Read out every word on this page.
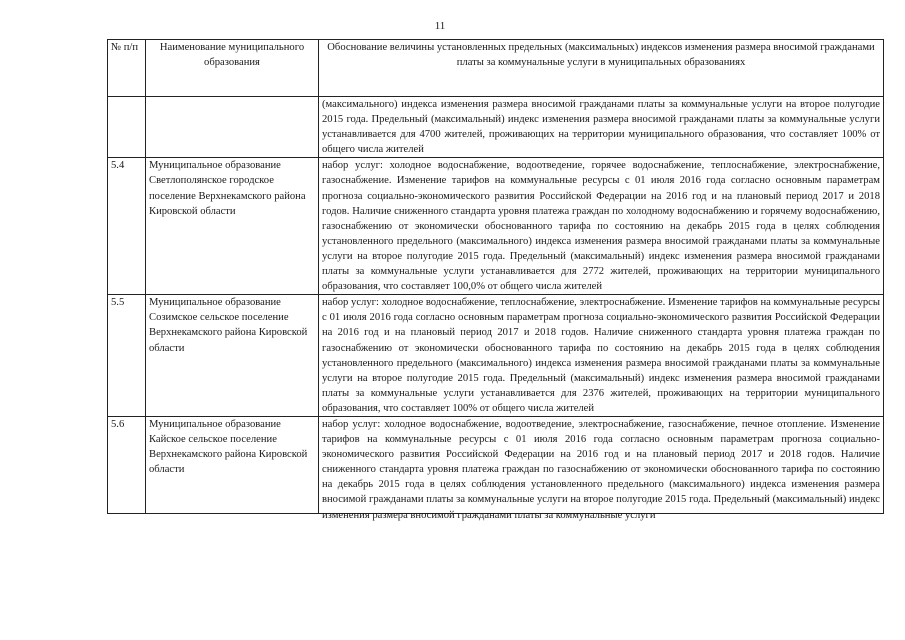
11
№ п/п	Наименование муниципального образования	Обоснование величины установленных предельных (максимальных) индексов изменения размера вносимой гражданами платы за коммунальные услуги в муниципальных образованиях
		(максимального) индекса изменения размера вносимой гражданами платы за коммунальные услуги на второе полугодие 2015 года. Предельный (максимальный) индекс изменения размера вносимой гражданами платы за коммунальные услуги устанавливается для 4700 жителей, проживающих на территории муниципального образования, что составляет 100% от общего числа жителей
5.4	Муниципальное образование Светлополянское городское поселение Верхнекамского района Кировской области	набор услуг: холодное водоснабжение, водоотведение, горячее водоснабжение, теплоснабжение, электроснабжение, газоснабжение. Изменение тарифов на коммунальные ресурсы с 01 июля 2016 года согласно основным параметрам прогноза социально-экономического развития Российской Федерации на 2016 год и на плановый период 2017 и 2018 годов. Наличие сниженного стандарта уровня платежа граждан по холодному водоснабжению и горячему водоснабжению, газоснабжению от экономически обоснованного тарифа по состоянию на декабрь 2015 года в целях соблюдения установленного предельного (максимального) индекса изменения размера вносимой гражданами платы за коммунальные услуги на второе полугодие 2015 года. Предельный (максимальный) индекс изменения размера вносимой гражданами платы за коммунальные услуги устанавливается для 2772 жителей, проживающих на территории муниципального образования, что составляет 100,0% от общего числа жителей
5.5	Муниципальное образование Созимское сельское поселение Верхнекамского района Кировской области	набор услуг: холодное водоснабжение, теплоснабжение, электроснабжение. Изменение тарифов на коммунальные ресурсы с 01 июля 2016 года согласно основным параметрам прогноза социально-экономического развития Российской Федерации на 2016 год и на плановый период 2017 и 2018 годов. Наличие сниженного стандарта уровня платежа граждан по газоснабжению от экономически обоснованного тарифа по состоянию на декабрь 2015 года в целях соблюдения установленного предельного (максимального) индекса изменения размера вносимой гражданами платы за коммунальные услуги на второе полугодие 2015 года. Предельный (максимальный) индекс изменения размера вносимой гражданами платы за коммунальные услуги устанавливается для 2376 жителей, проживающих на территории муниципального образования, что составляет 100% от общего числа жителей
5.6	Муниципальное образование Кайское сельское поселение Верхнекамского района Кировской области	набор услуг: холодное водоснабжение, водоотведение, электроснабжение, газоснабжение, печное отопление. Изменение тарифов на коммунальные ресурсы с 01 июля 2016 года согласно основным параметрам прогноза социально-экономического развития Российской Федерации на 2016 год и на плановый период 2017 и 2018 годов. Наличие сниженного стандарта уровня платежа граждан по газоснабжению от экономически обоснованного тарифа по состоянию на декабрь 2015 года в целях соблюдения установленного предельного (максимального) индекса изменения размера вносимой гражданами платы за коммунальные услуги на второе полугодие 2015 года. Предельный (максимальный) индекс изменения размера вносимой гражданами платы за коммунальные услуги
